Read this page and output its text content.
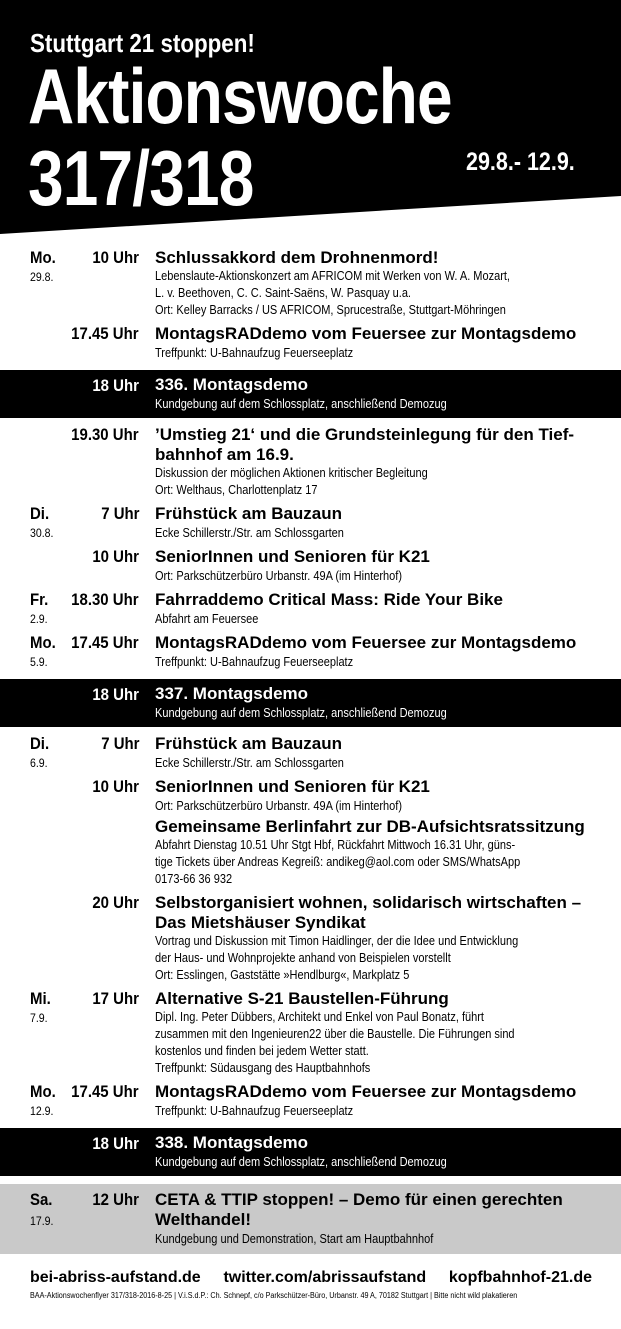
Stuttgart 21 stoppen!
Aktionswoche
317/318	29.8.- 12.9.
Mo.
29.8.
10 Uhr Schlussakkord dem Drohnenmord!
Lebenslaute-Aktionskonzert am AFRICOM mit Werken von W. A. Mozart,
L. v. Beethoven, C. C. Saint-Saëns, W. Pasquay u.a.
Ort: Kelley Barracks / US AFRICOM, Sprucestraße, Stuttgart-Möhringen
17.45 Uhr MontagsRADdemo vom Feuersee zur Montagsdemo
Treffpunkt: U-Bahnaufzug Feuerseeplatz
18 Uhr 336. Montagsdemo
Kundgebung auf dem Schlossplatz, anschließend Demozug
19.30 Uhr ’Umstieg 21‘ und die Grundsteinlegung für den Tief-
bahnhof am 16.9.
Diskussion der möglichen Aktionen kritischer Begleitung
Ort: Welthaus, Charlottenplatz 17
Di.
30.8.
7 Uhr Frühstück am Bauzaun
Ecke Schillerstr./Str. am Schlossgarten
10 Uhr SeniorInnen und Senioren für K21
Ort: Parkschützerbüro Urbanstr. 49A (im Hinterhof)
Fr.
2.9.
18.30 Uhr Fahrraddemo Critical Mass: Ride Your Bike
Abfahrt am Feuersee
Mo.
5.9.
17.45 Uhr MontagsRADdemo vom Feuersee zur Montagsdemo
Treffpunkt: U-Bahnaufzug Feuerseeplatz
18 Uhr 337. Montagsdemo
Kundgebung auf dem Schlossplatz, anschließend Demozug
Di.
6.9.
7 Uhr Frühstück am Bauzaun
Ecke Schillerstr./Str. am Schlossgarten
10 Uhr SeniorInnen und Senioren für K21
Ort: Parkschützerbüro Urbanstr. 49A (im Hinterhof)
Gemeinsame Berlinfahrt zur DB-Aufsichtsratssitzung
Abfahrt Dienstag 10.51 Uhr Stgt Hbf, Rückfahrt Mittwoch 16.31 Uhr, güns-
tige Tickets über Andreas Kegreiß: andikeg@aol.com oder SMS/WhatsApp
0173-66 36 932
20 Uhr Selbstorganisiert wohnen, solidarisch wirtschaften –
Das Mietshäuser Syndikat
Vortrag und Diskussion mit Timon Haidlinger, der die Idee und Entwicklung
der Haus- und Wohnprojekte anhand von Beispielen vorstellt
Ort: Esslingen, Gaststätte »Hendlburg«, Markplatz 5
Mi.
7.9.
17 Uhr Alternative S-21 Baustellen-Führung
Dipl. Ing. Peter Dübbers, Architekt und Enkel von Paul Bonatz, führt
zusammen mit den Ingenieuren22 über die Baustelle. Die Führungen sind
kostenlos und finden bei jedem Wetter statt.
Treffpunkt: Südausgang des Hauptbahnhofs
Mo.
12.9.
17.45 Uhr MontagsRADdemo vom Feuersee zur Montagsdemo
Treffpunkt: U-Bahnaufzug Feuerseeplatz
18 Uhr 338. Montagsdemo
Kundgebung auf dem Schlossplatz, anschließend Demozug
Sa.
17.9.
12 Uhr CETA & TTIP stoppen! – Demo für einen gerechten
Welthandel!
Kundgebung und Demonstration, Start am Hauptbahnhof
bei-abriss-aufstand.de twitter.com/abrissaufstand kopfbahnhof-21.de
BAA-Aktionswochenflyer 317/318-2016-8-25 | V.i.S.d.P.: Ch. Schnepf, c/o Parkschützer-Büro, Urbanstr. 49 A, 70182 Stuttgart | Bitte nicht wild plakatieren
